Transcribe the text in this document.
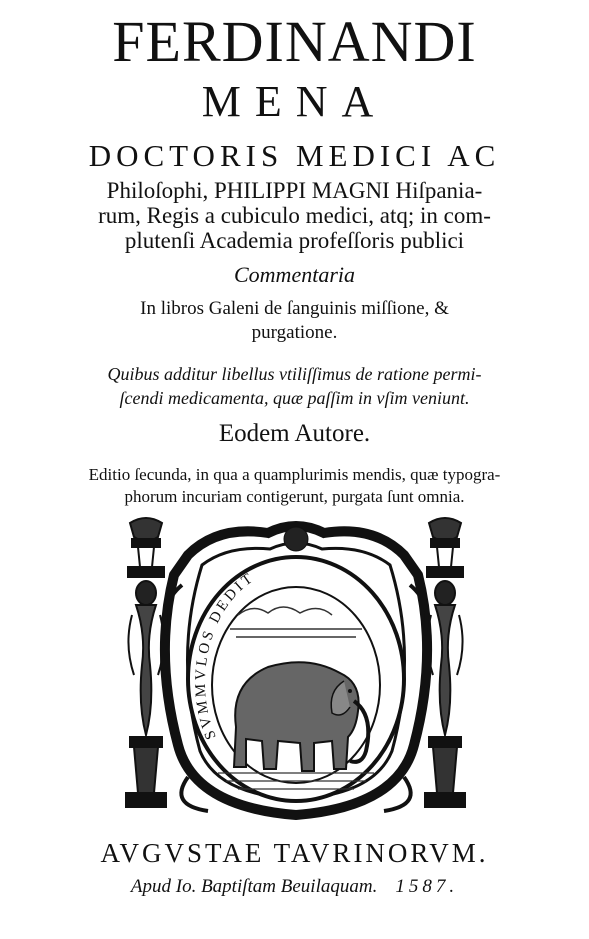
FERDINANDI
MENA
DOCTORIS MEDICI AC
Philoſophi, PHILIPPI MAGNI Hiſpania-
rum, Regis a cubiculo medici, atq; in com-
plutenſi Academia profeſſoris publici
Commentaria
In libros Galeni de ſanguinis miſſione, &
purgatione.
Quibus additur libellus vtiliſſimus de ratione permi-
ſcendi medicamenta, quæ paſſim in vſim veniunt.
Eodem Autore.
Editio ſecunda, in qua a quamplurimis mendis, quæ typogra-
phorum incuriam contigerunt, purgata ſunt omnia.
SVMMVLOS DEDIT
AVGVSTAE TAVRINORVM.
Apud Io. Baptiſtam Beuilaquam. 1587.
